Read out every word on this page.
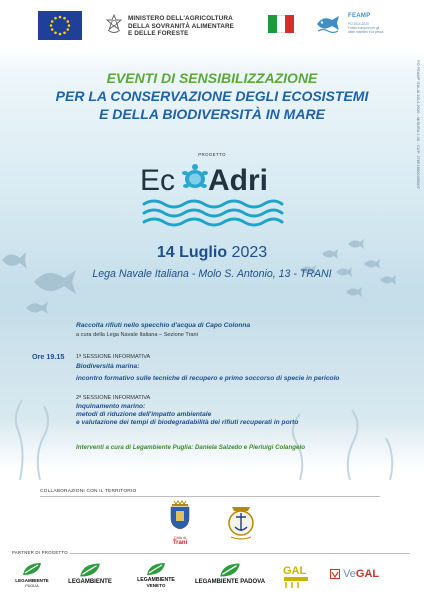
MINISTERO DELL'AGRICOLTURA
DELLA SOVRANITÀ ALIMENTARE
E DELLE FORESTE
FEAMP
PO 2014-2020
Fondo europeo per gli
affari marittimi e la pesca
PO FEAMP ITALIA 2014-2020 - MISURA 1.40 - CUP: J76E18000490007
EVENTI DI SENSIBILIZZAZIONE
PER LA CONSERVAZIONE DEGLI ECOSISTEMI
E DELLA BIODIVERSITÀ IN MARE
PROGETTO
Ec Adri
14 Luglio 2023
Lega Navale Italiana - Molo S. Antonio, 13 - TRANI
Raccolta rifiuti nello specchio d'acqua di Capo Colonna
a cura della Lega Navale Italiana – Sezione Trani
Ore 19.15 1ª SESSIONE INFORMATIVA
Biodiversità marina:
incontro formativo sulle tecniche di recupero e primo soccorso di specie in pericolo
2ª SESSIONE INFORMATIVA
Inquinamento marino:
metodi di riduzione dell'impatto ambientale
e valutazione dei tempi di biodegradabilità dei rifiuti recuperati in porto
Interventi a cura di Legambiente Puglia: Daniela Salzedo e Pierluigi Colangelo
COLLABORAZIONI CON IL TERRITORIO
Città di
Trani
PARTNER DI PROGETTO
LEGAMBIENTE
PUGLIA
LEGAMBIENTE	LEGAMBIENTE
VENETO
LEGAMBIENTE PADOVA
GAL	VeGAL
